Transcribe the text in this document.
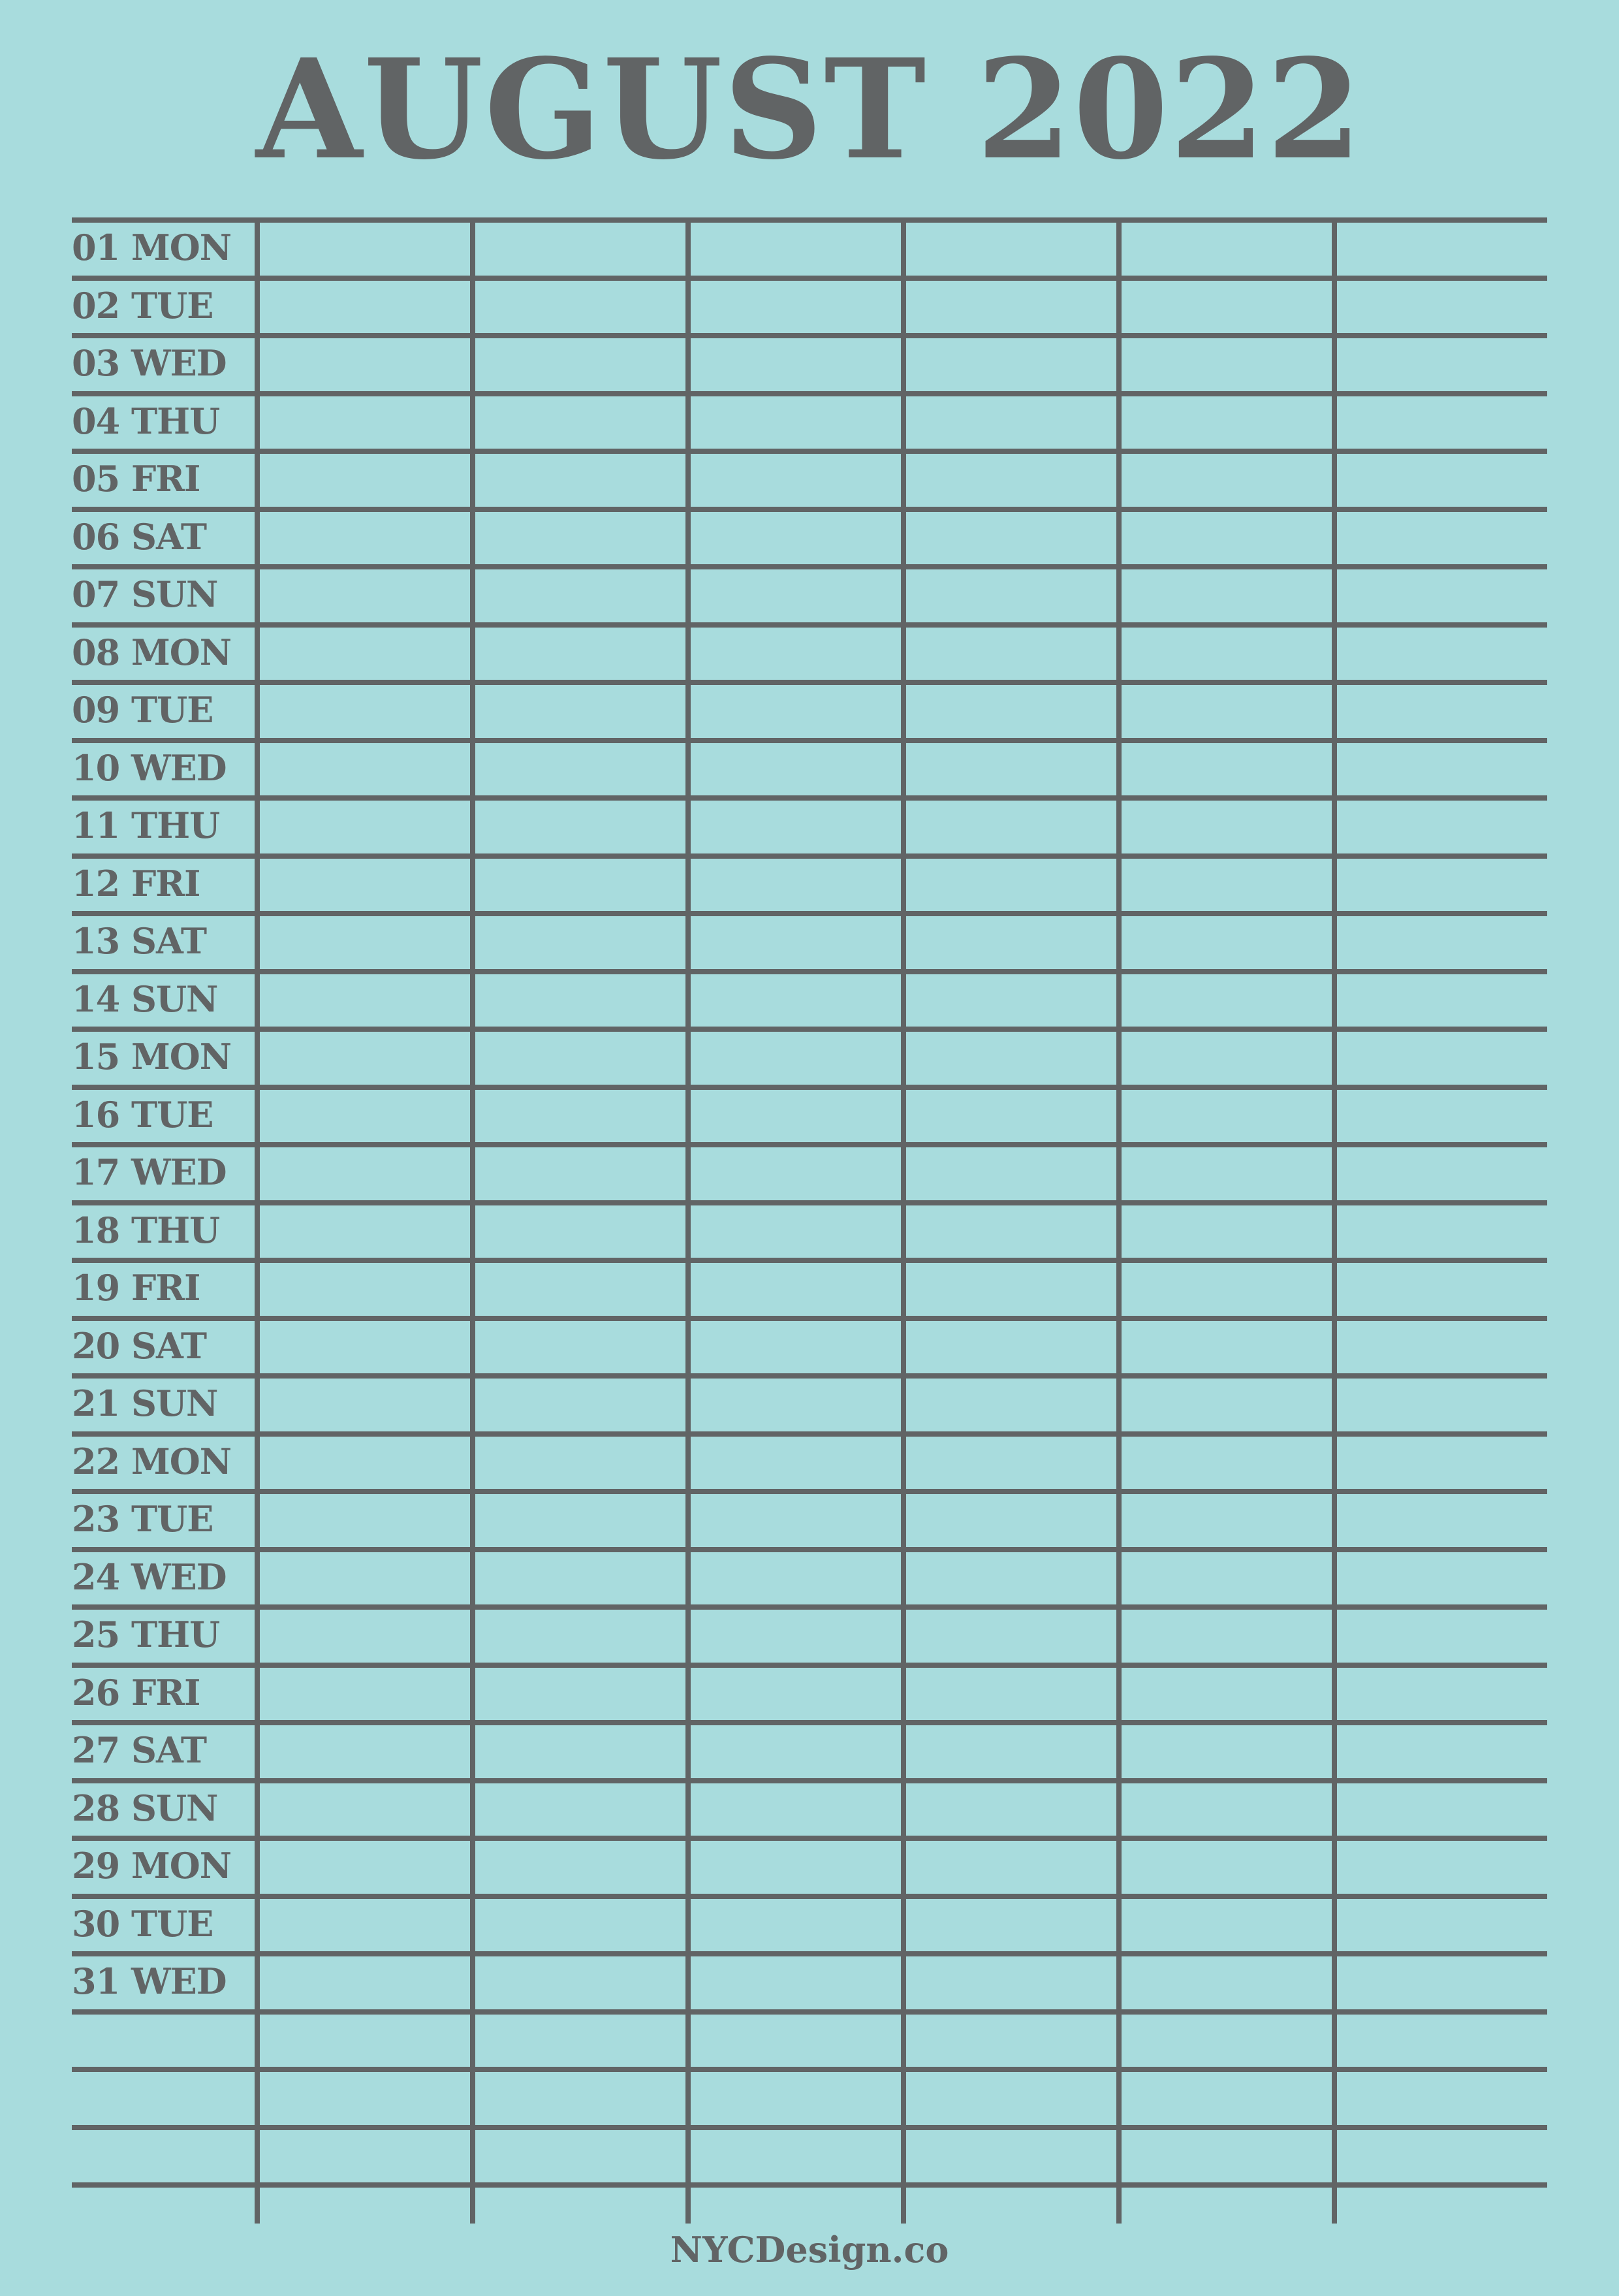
AUGUST 2022
01 MON
02 TUE
03 WED
04 THU
05 FRI
06 SAT
07 SUN
08 MON
09 TUE
10 WED
11 THU
12 FRI
13 SAT
14 SUN
15 MON
16 TUE
17 WED
18 THU
19 FRI
20 SAT
21 SUN
22 MON
23 TUE
24 WED
25 THU
26 FRI
27 SAT
28 SUN
29 MON
30 TUE
31 WED
NYCDesign.co
